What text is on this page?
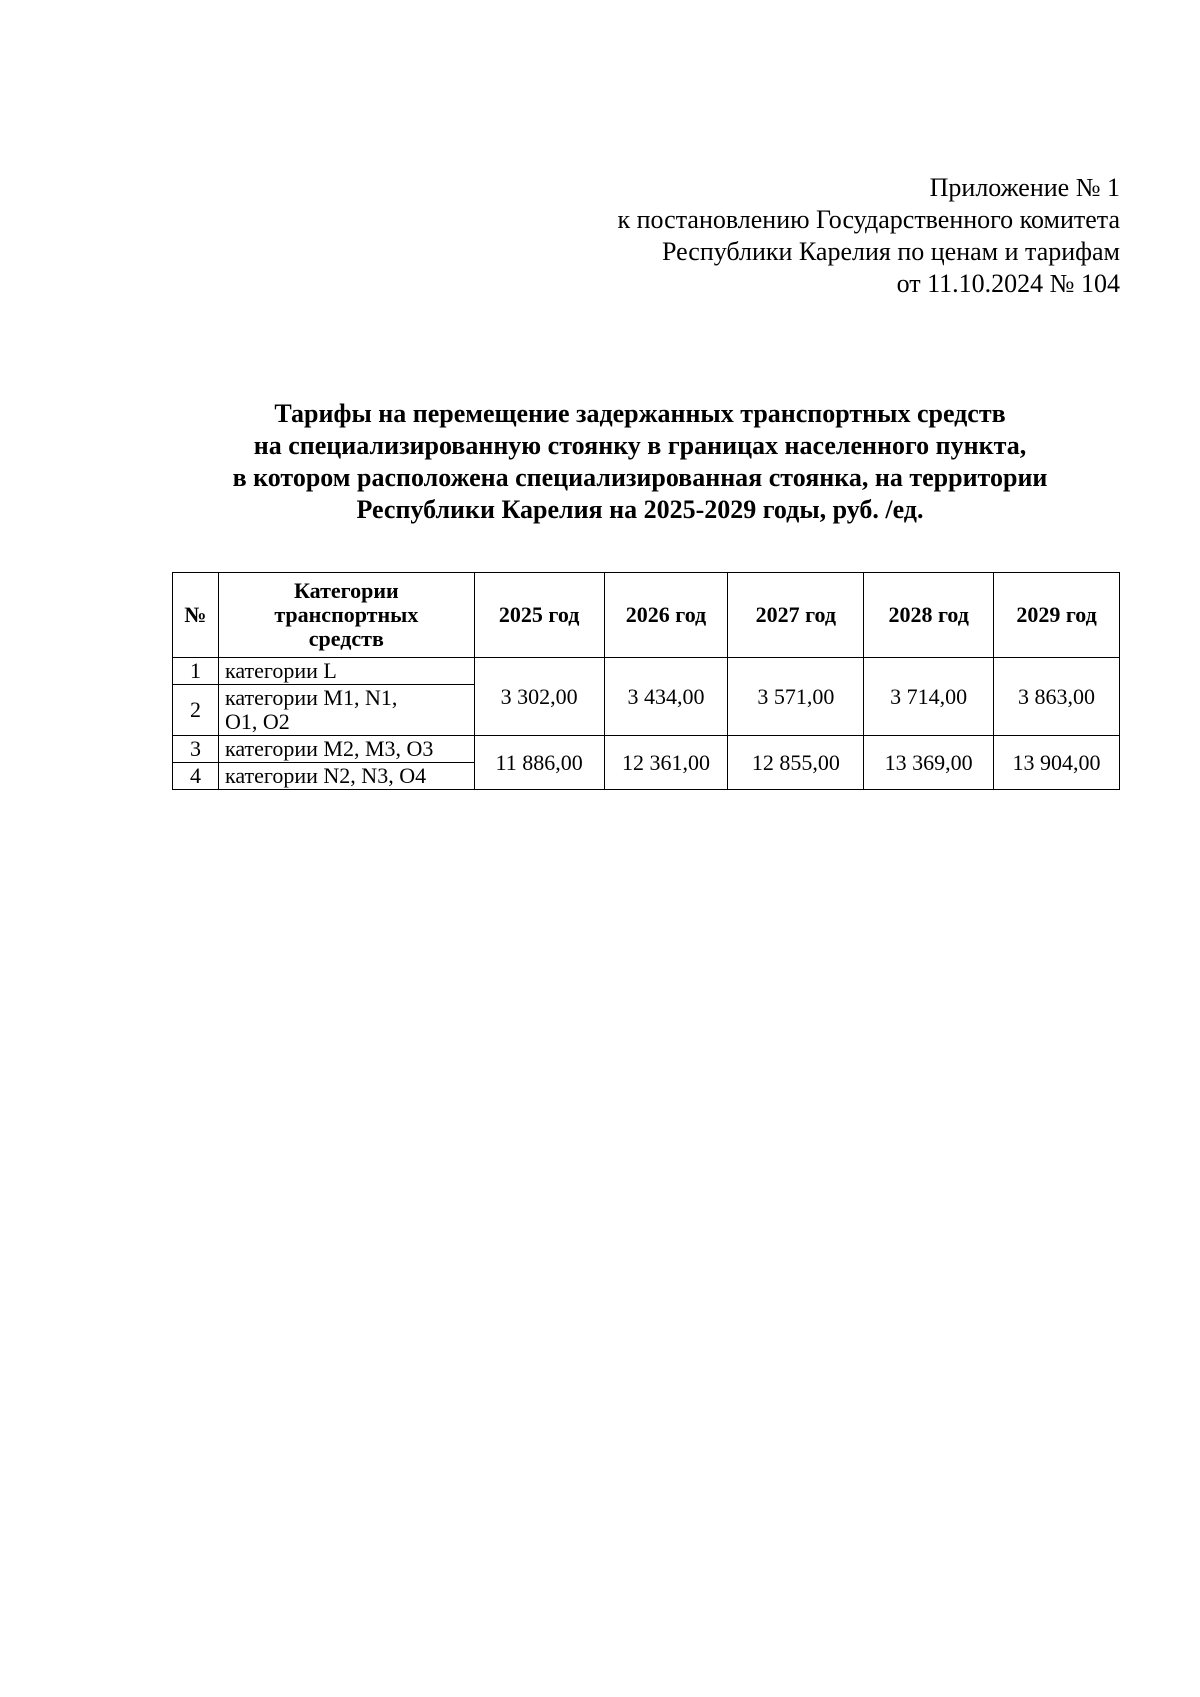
Приложение № 1
к постановлению Государственного комитета
Республики Карелия по ценам и тарифам
от 11.10.2024 № 104
Тарифы на перемещение задержанных транспортных средств
на специализированную стоянку в границах населенного пункта,
в котором расположена специализированная стоянка, на территории
Республики Карелия на 2025-2029 годы, руб. /ед.
№	Категории
транспортных
средств	2025 год	2026 год	2027 год	2028 год	2029 год
1	категории L	3 302,00	3 434,00	3 571,00	3 714,00	3 863,00
2	категории M1, N1,
O1, O2					

3	категории M2, M3, O3	11 886,00	12 361,00	12 855,00	13 369,00	13 904,00
4	категории N2, N3, O4					
